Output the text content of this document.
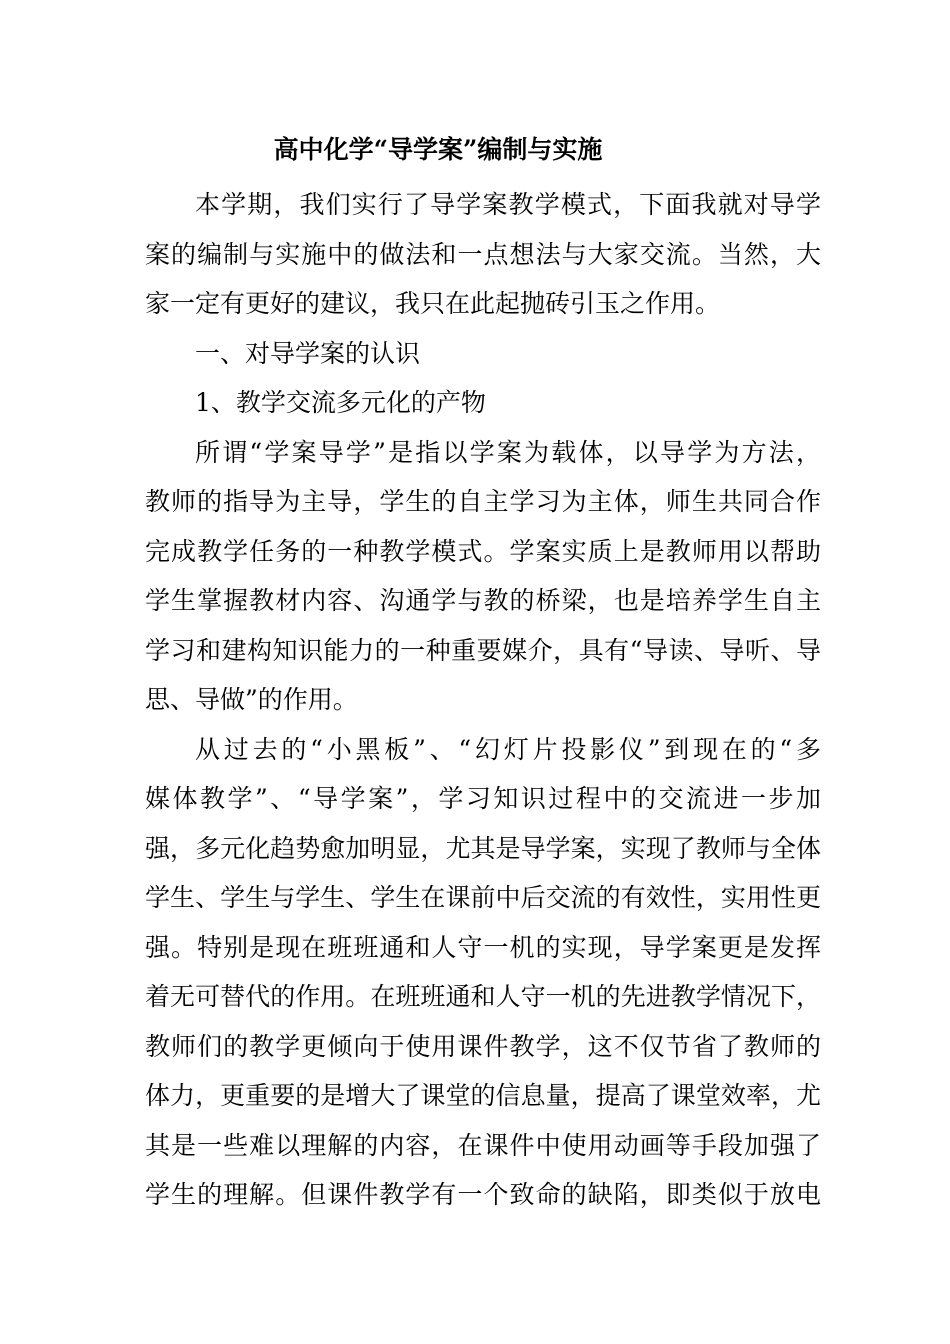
高中化学“导学案”编制与实施
本学期，我们实行了导学案教学模式，下面我就对导学
案的编制与实施中的做法和一点想法与大家交流。当然，大
家一定有更好的建议，我只在此起抛砖引玉之作用。
一、对导学案的认识
1、教学交流多元化的产物
所谓“学案导学”是指以学案为载体，以导学为方法，
教师的指导为主导，学生的自主学习为主体，师生共同合作
完成教学任务的一种教学模式。学案实质上是教师用以帮助
学生掌握教材内容、沟通学与教的桥梁，也是培养学生自主
学习和建构知识能力的一种重要媒介，具有“导读、导听、导
思、导做”的作用。
从过去的“小黑板”、“幻灯片投影仪”到现在的“多
媒体教学”、“导学案”，学习知识过程中的交流进一步加
强，多元化趋势愈加明显，尤其是导学案，实现了教师与全体
学生、学生与学生、学生在课前中后交流的有效性，实用性更
强。特别是现在班班通和人守一机的实现，导学案更是发挥
着无可替代的作用。在班班通和人守一机的先进教学情况下，
教师们的教学更倾向于使用课件教学，这不仅节省了教师的
体力，更重要的是增大了课堂的信息量，提高了课堂效率，尤
其是一些难以理解的内容，在课件中使用动画等手段加强了
学生的理解。但课件教学有一个致命的缺陷，即类似于放电
